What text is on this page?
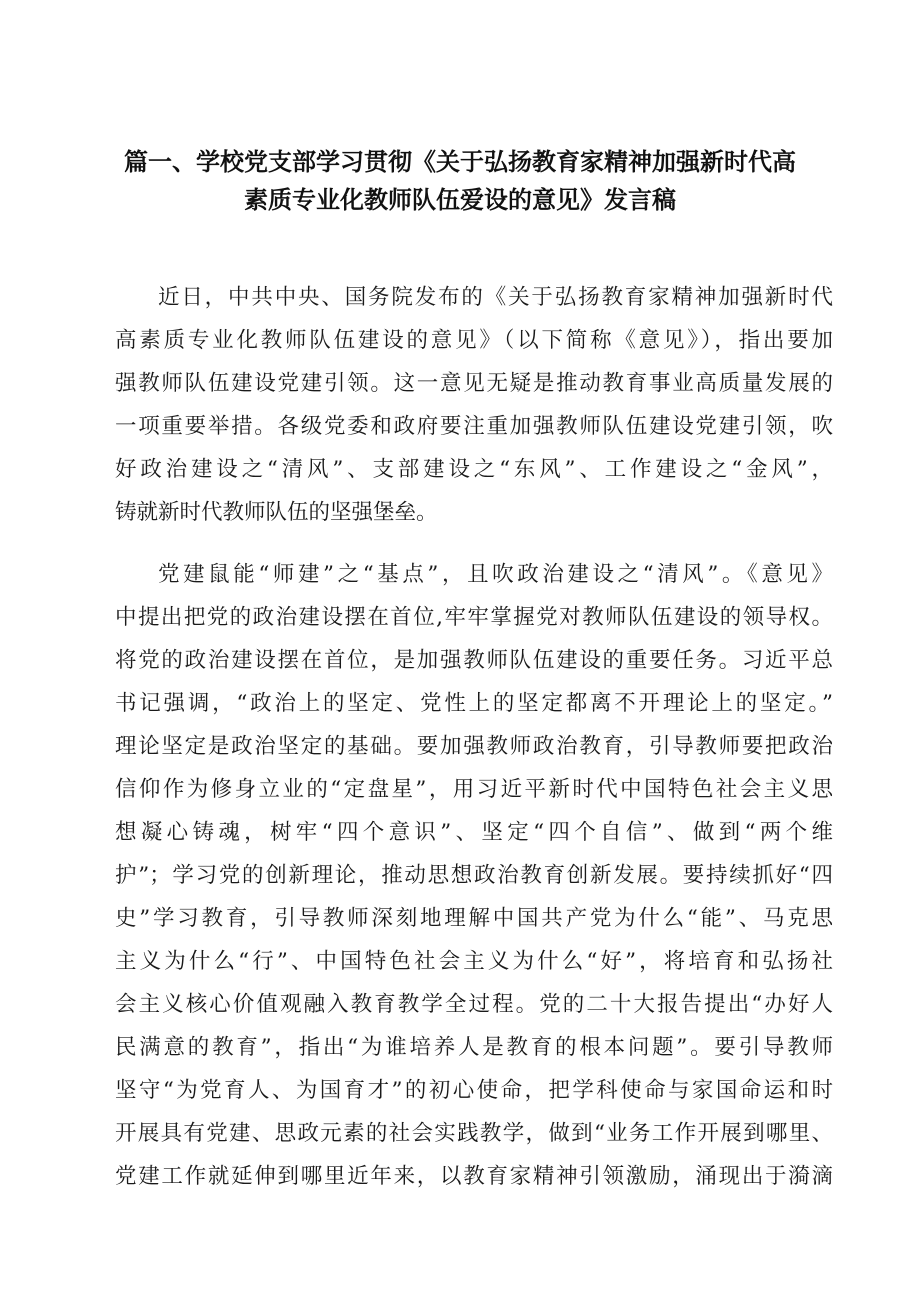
篇一、学校党支部学习贯彻《关于弘扬教育家精神加强新时代高
素质专业化教师队伍爱设的意见》发言稿
近日，中共中央、国务院发布的《关于弘扬教育家精神加强新时代
高素质专业化教师队伍建设的意见》（以下简称《意见》），指出要加
强教师队伍建设党建引领。这一意见无疑是推动教育事业高质量发展的
一项重要举措。各级党委和政府要注重加强教师队伍建设党建引领，吹
好政治建设之“清风”、支部建设之“东风”、工作建设之“金风”，
铸就新时代教师队伍的坚强堡垒。
党建鼠能“师建”之“基点”，且吹政治建设之“清风”。《意见》
中提出把党的政治建设摆在首位,牢牢掌握党对教师队伍建设的领导权。
将党的政治建设摆在首位，是加强教师队伍建设的重要任务。习近平总
书记强调，“政治上的坚定、党性上的坚定都离不开理论上的坚定。”
理论坚定是政治坚定的基础。要加强教师政治教育，引导教师要把政治
信仰作为修身立业的“定盘星”，用习近平新时代中国特色社会主义思
想凝心铸魂，树牢“四个意识”、坚定“四个自信”、做到“两个维
护”；学习党的创新理论，推动思想政治教育创新发展。要持续抓好“四
史”学习教育，引导教师深刻地理解中国共产党为什么“能”、马克思
主义为什么“行”、中国特色社会主义为什么“好”，将培育和弘扬社
会主义核心价值观融入教育教学全过程。党的二十大报告提出“办好人
民满意的教育”，指出“为谁培养人是教育的根本问题”。要引导教师
坚守“为党育人、为国育才”的初心使命，把学科使命与家国命运和时
开展具有党建、思政元素的社会实践教学，做到“业务工作开展到哪里、
党建工作就延伸到哪里近年来，以教育家精神引领激励，涌现出于漪滴
